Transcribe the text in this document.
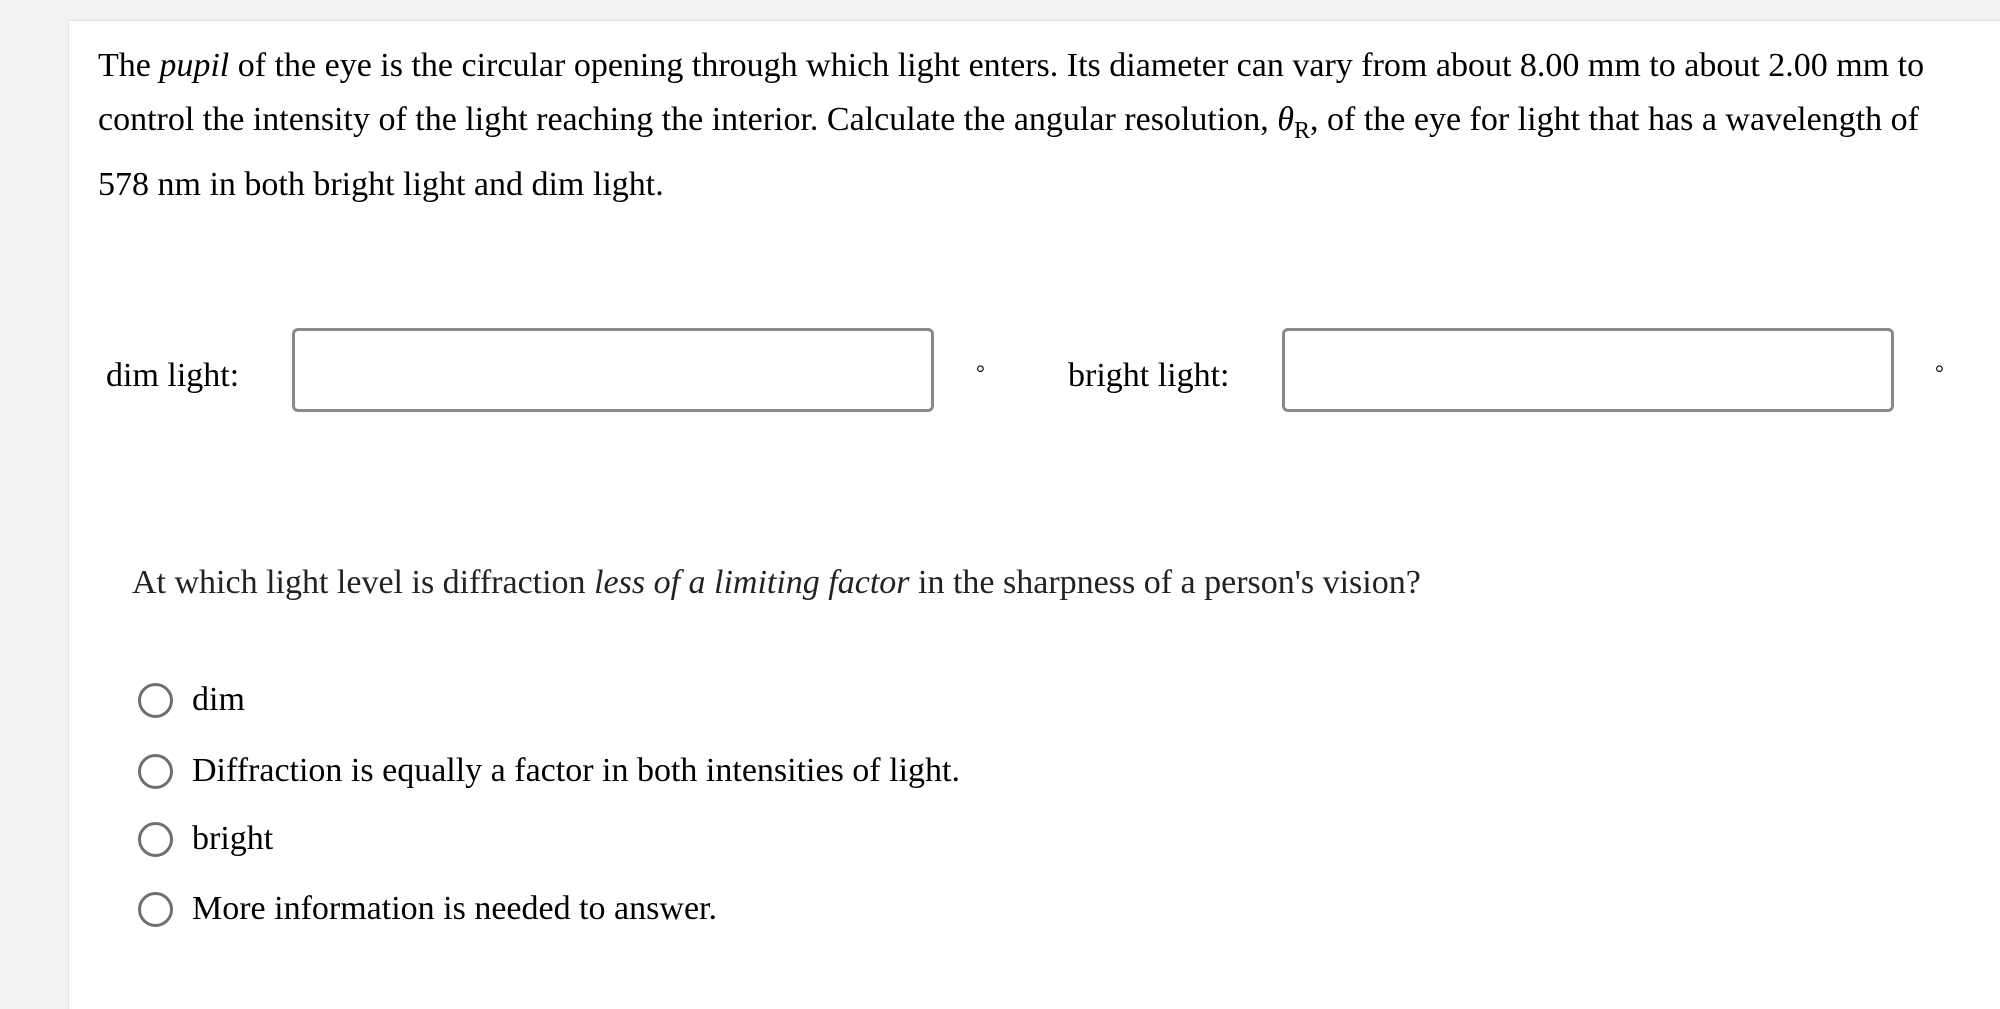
The pupil of the eye is the circular opening through which light enters. Its diameter can vary from about 8.00 mm to about 2.00 mm to control the intensity of the light reaching the interior. Calculate the angular resolution, $\theta_R$, of the eye for light that has a wavelength of 578 nm in both bright light and dim light.

dim light:	° bright light:	°

At which light level is diffraction less of a limiting factor in the sharpness of a person's vision?

dim
Diffraction is equally a factor in both intensities of light.
bright
More information is needed to answer.
